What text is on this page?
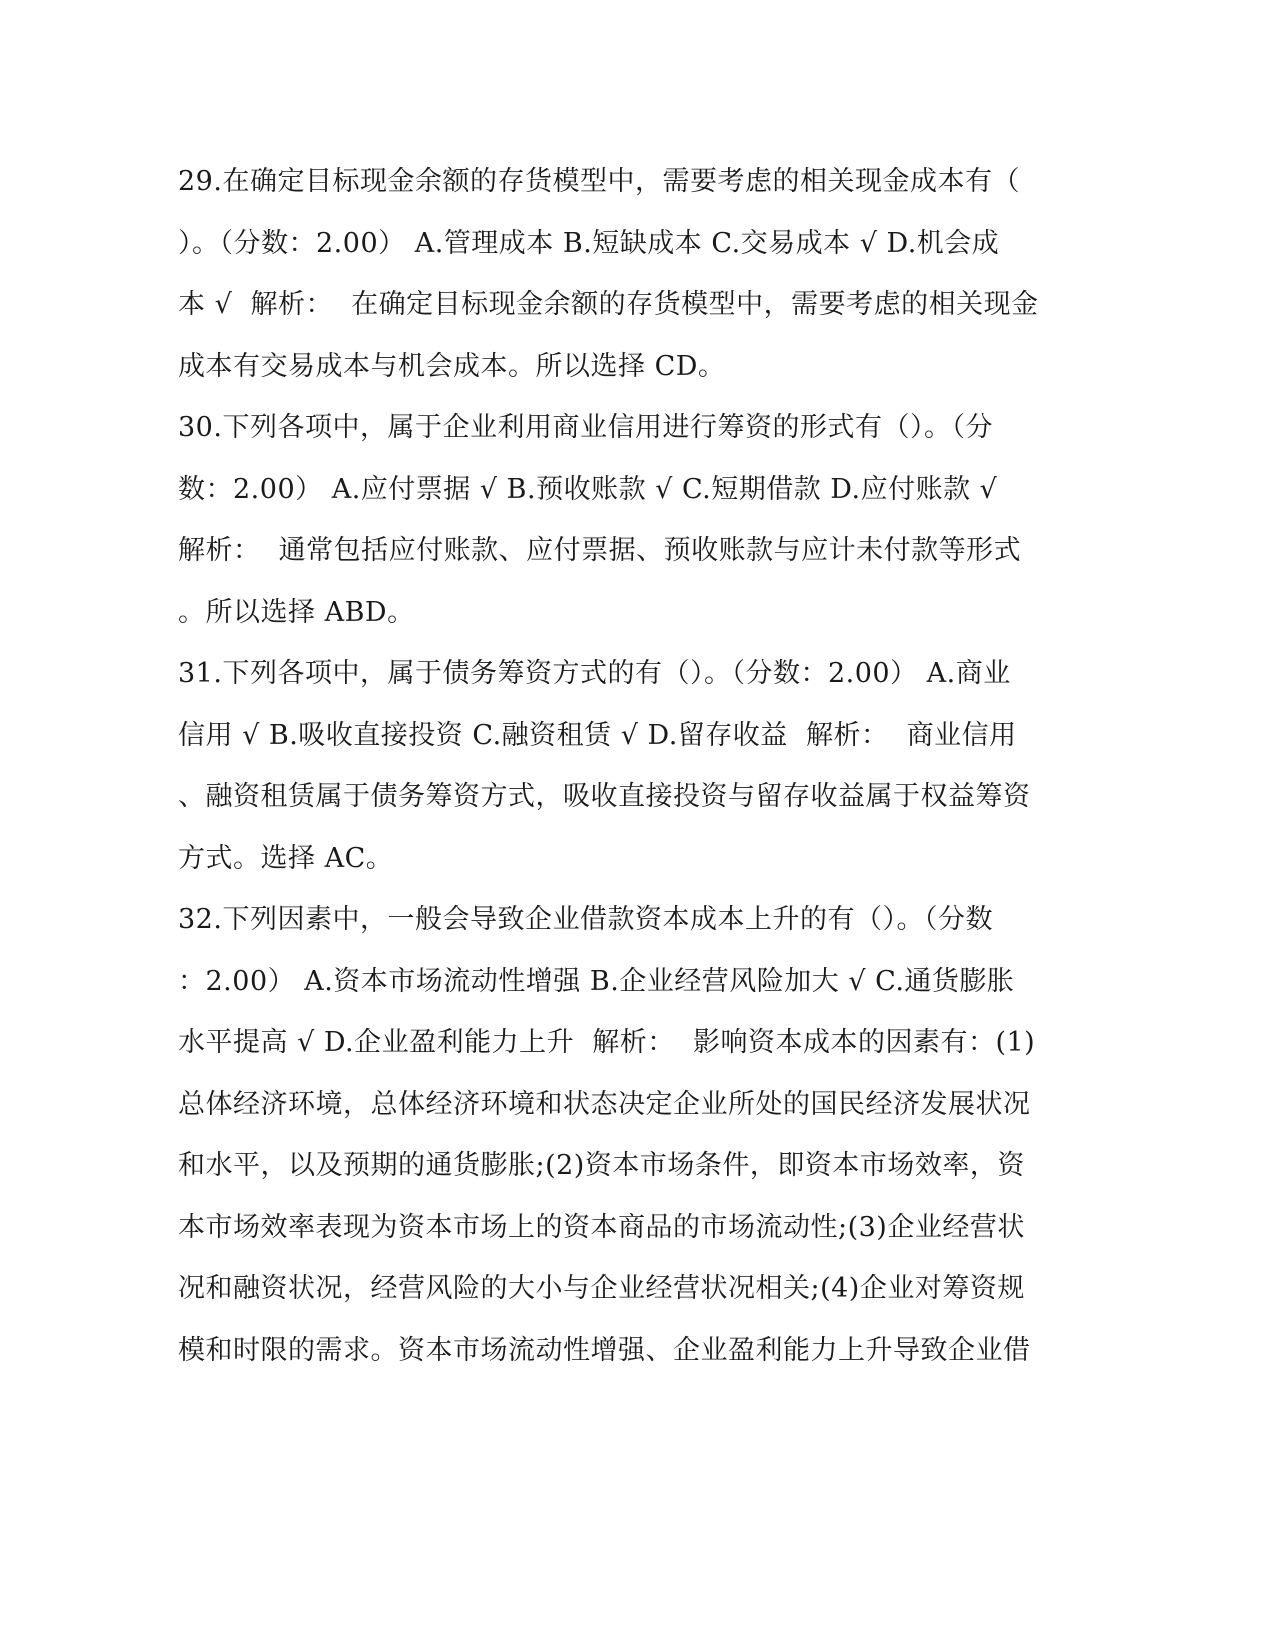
29.在确定目标现金余额的存货模型中，需要考虑的相关现金成本有（
）。（分数：2.00） A.管理成本 B.短缺成本 C.交易成本 √ D.机会成
本 √  解析：  在确定目标现金余额的存货模型中，需要考虑的相关现金
成本有交易成本与机会成本。所以选择 CD。
30.下列各项中，属于企业利用商业信用进行筹资的形式有（）。（分
数：2.00） A.应付票据 √ B.预收账款 √ C.短期借款 D.应付账款 √
解析：  通常包括应付账款、应付票据、预收账款与应计未付款等形式
。所以选择 ABD。
31.下列各项中，属于债务筹资方式的有（）。（分数：2.00） A.商业
信用 √ B.吸收直接投资 C.融资租赁 √ D.留存收益  解析：  商业信用
、融资租赁属于债务筹资方式，吸收直接投资与留存收益属于权益筹资
方式。选择 AC。
32.下列因素中，一般会导致企业借款资本成本上升的有（）。（分数
：2.00） A.资本市场流动性增强 B.企业经营风险加大 √ C.通货膨胀
水平提高 √ D.企业盈利能力上升  解析：  影响资本成本的因素有：(1)
总体经济环境，总体经济环境和状态决定企业所处的国民经济发展状况
和水平，以及预期的通货膨胀;(2)资本市场条件，即资本市场效率，资
本市场效率表现为资本市场上的资本商品的市场流动性;(3)企业经营状
况和融资状况，经营风险的大小与企业经营状况相关;(4)企业对筹资规
模和时限的需求。资本市场流动性增强、企业盈利能力上升导致企业借
